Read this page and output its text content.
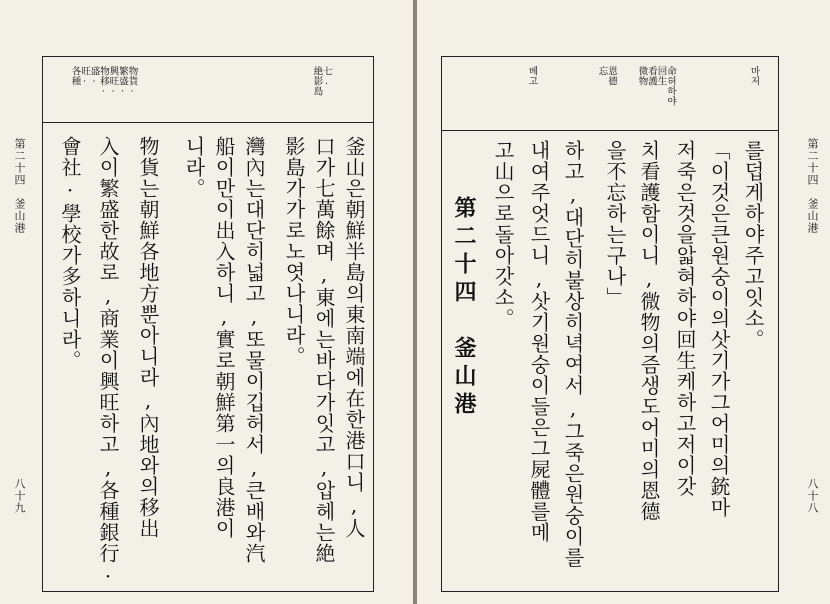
七.
絶影島
物貨·
繁盛·
興旺·
物移·
盛·
旺·
各種
釜山은朝鮮半島의東南端에在한港口니,人
口가七萬餘며,東에는바다가잇고,압헤는絶
影島가가로노엿나니라。
灣內는대단히넓고,또물이깁허서,큰배와汽
船이만이出入하니,實로朝鮮第一의良港이
니라。
物貨는朝鮮各地方뿐아니라,內地와의移出
入이繁盛한故로,商業이興旺하고,各種銀行·
會社·學校가多하니라。
第二十四　釜山港
八十九
마저
命허하야
回生
看護
微物
恩德
忘
베고
를덥게하야주고잇소。
「이것은큰원숭이의삿기가그어미의銃마
저죽은것을앏혀하야回生케하고저이갓
치看護함이니,微物의즘생도어미의恩德
을不忘하는구나」
하고,대단히불상히녁여서,그죽은원숭이를
내여주엇드니,삿기원숭이들은그屍體를메
고山으로돌아갓소。
第二十四　釜山港
第二十四　釜山港
八十八
